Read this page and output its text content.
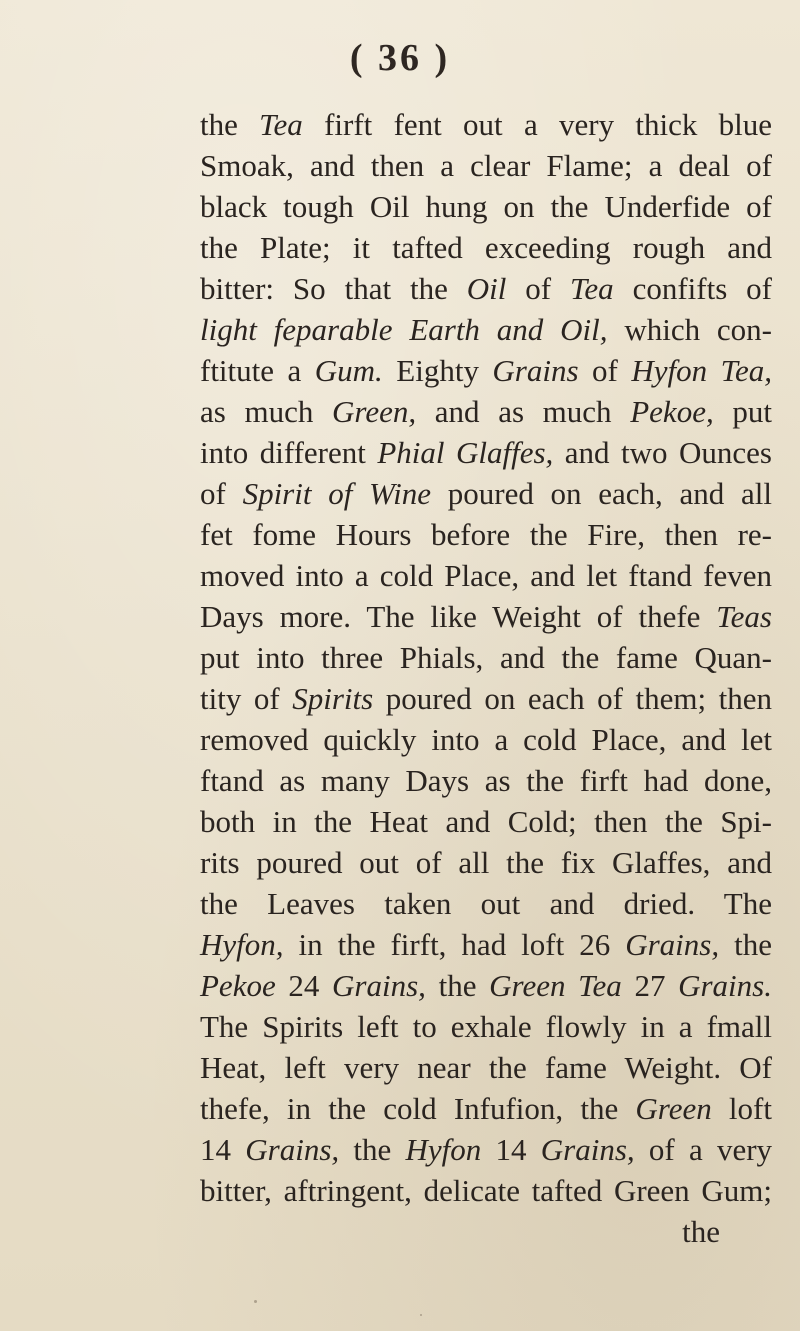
( 36 )
the Tea firft fent out a very thick blue
Smoak, and then a clear Flame; a deal of
black tough Oil hung on the Underfide of
the Plate; it tafted exceeding rough and
bitter: So that the Oil of Tea confifts of
light feparable Earth and Oil, which con-
ftitute a Gum. Eighty Grains of Hyfon Tea,
as much Green, and as much Pekoe, put
into different Phial Glaffes, and two Ounces
of Spirit of Wine poured on each, and all
fet fome Hours before the Fire, then re-
moved into a cold Place, and let ftand feven
Days more. The like Weight of thefe Teas
put into three Phials, and the fame Quan-
tity of Spirits poured on each of them; then
removed quickly into a cold Place, and let
ftand as many Days as the firft had done,
both in the Heat and Cold; then the Spi-
rits poured out of all the fix Glaffes, and
the Leaves taken out and dried. The
Hyfon, in the firft, had loft 26 Grains, the
Pekoe 24 Grains, the Green Tea 27 Grains.
The Spirits left to exhale flowly in a fmall
Heat, left very near the fame Weight. Of
thefe, in the cold Infufion, the Green loft
14 Grains, the Hyfon 14 Grains, of a very
bitter, aftringent, delicate tafted Green Gum;
the
